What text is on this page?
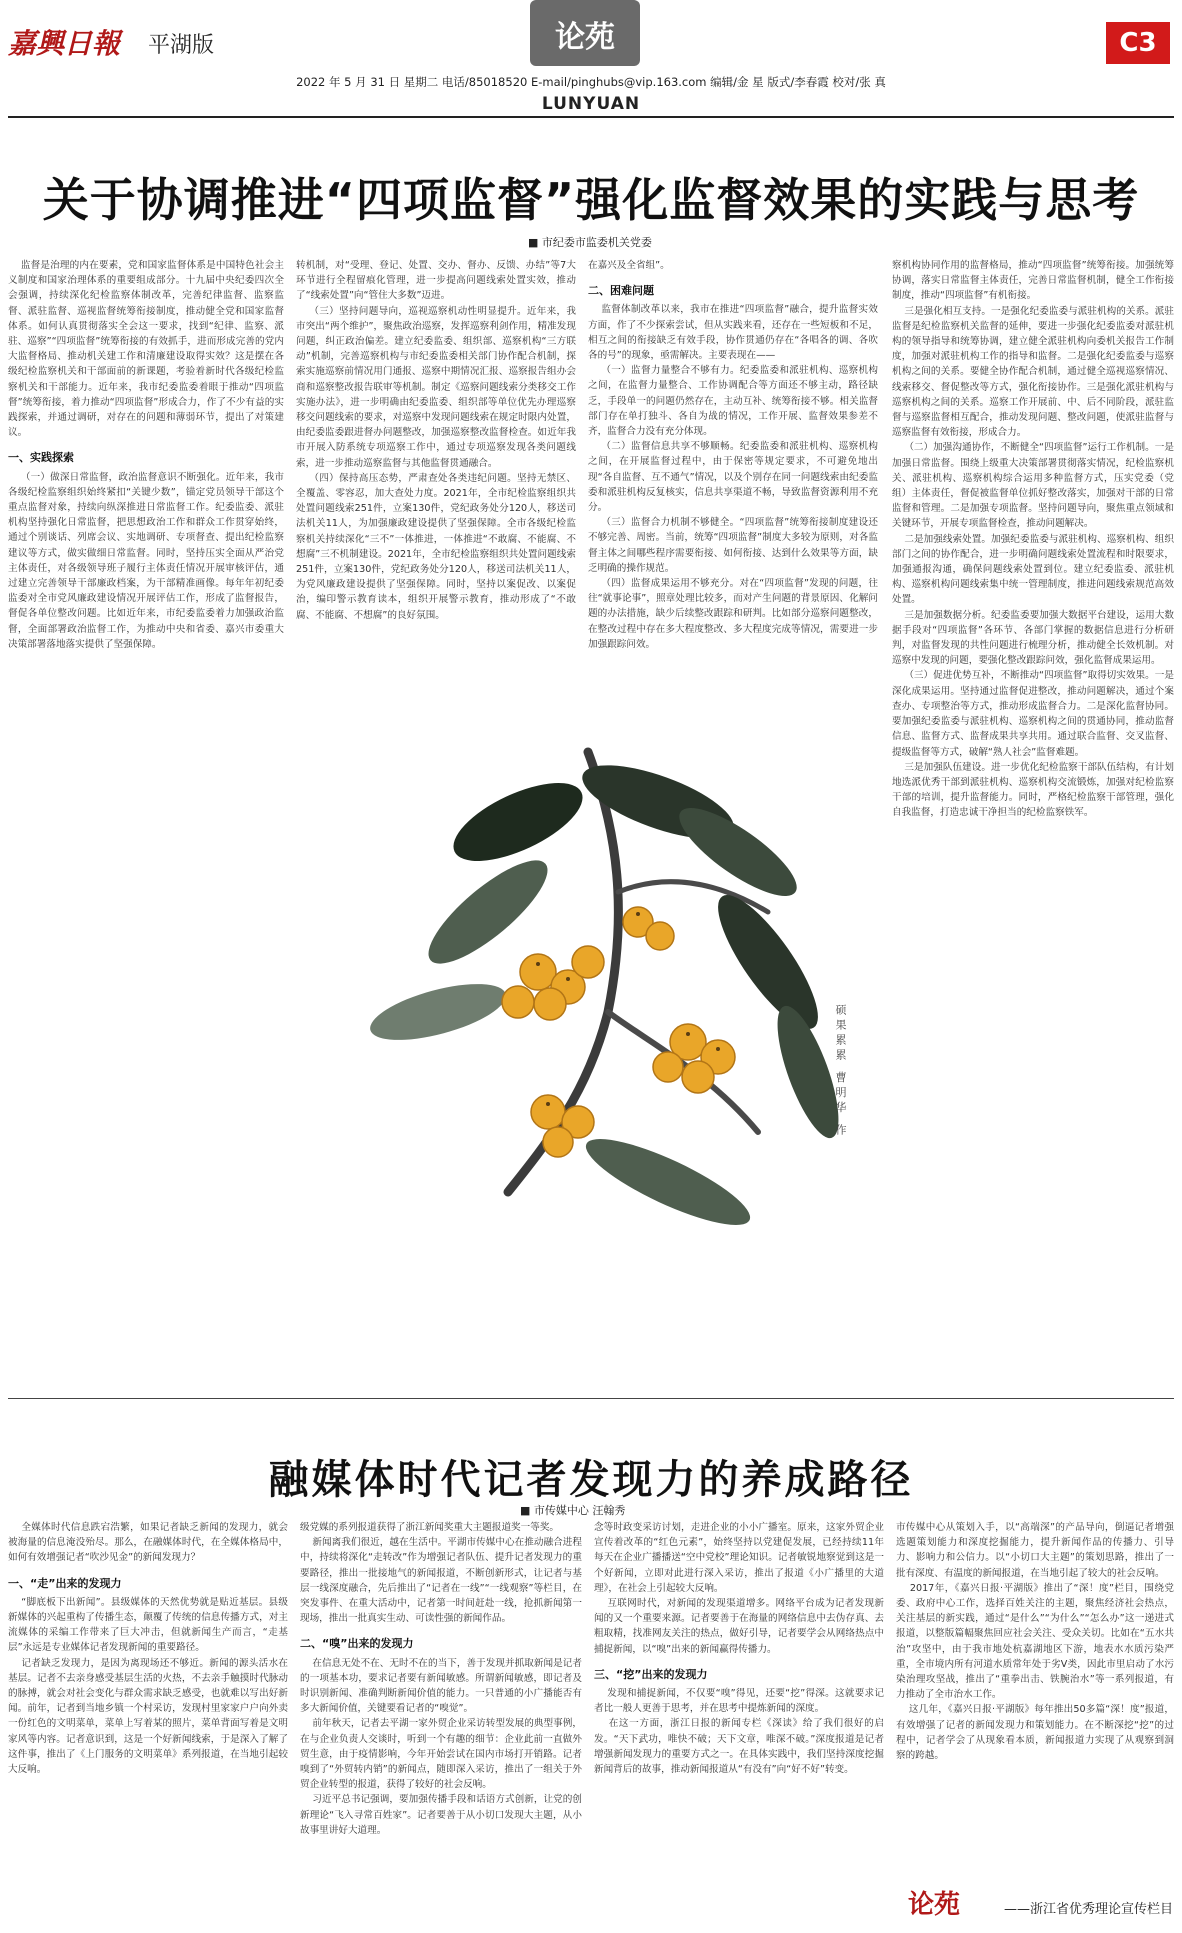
嘉興日報 平湖版	论苑	C3
2022 年 5 月 31 日 星期二 电话/85018520 E-mail/pinghubs@vip.163.com 编辑/金 星 版式/李春霞 校对/张 真
LUNYUAN
关于协调推进“四项监督”强化监督效果的实践与思考
■ 市纪委市监委机关党委
监督是治理的内在要素，党和国家监督体系是中国特色社会主义制度和国家治理体系的重要组成部分。十九届中央纪委四次全会强调，持续深化纪检监察体制改革，完善纪律监督、监察监督、派驻监督、巡视监督统筹衔接制度，推动健全党和国家监督体系。如何认真贯彻落实全会这一要求，找到“纪律、监察、派驻、巡察”“四项监督”统筹衔接的有效抓手，进而形成完善的党内大监督格局、推动机关建工作和清廉建设取得实效？这是摆在各级纪检监察机关和干部面前的新课题，考验着新时代各级纪检监察机关和干部能力。近年来，我市纪委监委着眼于推动“四项监督”统筹衔接，着力推动“四项监督”形成合力，作了不少有益的实践探索，并通过调研，对存在的问题和薄弱环节，提出了对策建议。
一、实践探索
（一）做深日常监督，政治监督意识不断强化。近年来，我市各级纪检监察组织始终紧扣“关键少数”，锚定党员领导干部这个重点监督对象，持续向纵深推进日常监督工作。纪委监委、派驻机构坚持强化日常监督，把思想政治工作和群众工作贯穿始终，通过个别谈话、列席会议、实地调研、专项督查、提出纪检监察建议等方式，做实做细日常监督。同时，坚持压实全面从严治党主体责任，对各级领导班子履行主体责任情况开展审核评估，通过建立完善领导干部廉政档案，为干部精准画像。每年年初纪委监委对全市党风廉政建设情况开展评估工作，形成了监督报告，督促各单位整改问题。比如近年来，市纪委监委着力加强政治监督，全面部署政治监督工作，为推动中央和省委、嘉兴市委重大决策部署落地落实提供了坚强保障。
转机制，对“受理、登记、处置、交办、督办、反馈、办结”等7大环节进行全程留痕化管理，进一步提高问题线索处置实效，推动了“线索处置”向“管住大多数”迈进。
（三）坚持问题导向，巡视巡察机动性明显提升。近年来，我市突出“两个维护”，聚焦政治巡察，发挥巡察利剑作用，精准发现问题，纠正政治偏差。建立纪委监委、组织部、巡察机构“三方联动”机制，完善巡察机构与市纪委监委相关部门协作配合机制，探索实施巡察前情况用门通报、巡察中期情况汇报、巡察报告组办会商和巡察整改报告联审等机制。制定《巡察问题线索分类移交工作实施办法》，进一步明确由纪委监委、组织部等单位优先办理巡察移交问题线索的要求，对巡察中发现问题线索在规定时限内处置，由纪委监委跟进督办问题整改，加强巡察整改监督检查。如近年我市开展入防系统专项巡察工作中，通过专项巡察发现各类问题线索，进一步推动巡察监督与其他监督贯通融合。
（四）保持高压态势，严肃查处各类违纪问题。坚持无禁区、全覆盖、零容忍，加大查处力度。2021年，全市纪检监察组织共处置问题线索251件，立案130件，党纪政务处分120人，移送司法机关11人，为加强廉政建设提供了坚强保障。全市各级纪检监察机关持续深化“三不”一体推进，一体推进“不敢腐、不能腐、不想腐”三不机制建设。2021年，全市纪检监察组织共处置问题线索251件，立案130件，党纪政务处分120人，移送司法机关11人，为党风廉政建设提供了坚强保障。同时，坚持以案促改、以案促治，编印警示教育读本，组织开展警示教育，推动形成了“不敢腐、不能腐、不想腐”的良好氛围。
在嘉兴及全省组”。

二、困难问题
监督体制改革以来，我市在推进“四项监督”融合，提升监督实效方面，作了不少探索尝试，但从实践来看，还存在一些短板和不足，相互之间的衔接缺乏有效手段，协作贯通仍存在“各唱各的调、各吹各的号”的现象，亟需解决。主要表现在——
（一）监督力量整合不够有力。纪委监委和派驻机构、巡察机构之间，在监督力量整合、工作协调配合等方面还不够主动，路径缺乏，手段单一的问题仍然存在，主动互补、统筹衔接不够。相关监督部门存在单打独斗、各自为战的情况，工作开展、监督效果参差不齐，监督合力没有充分体现。
（二）监督信息共享不够顺畅。纪委监委和派驻机构、巡察机构之间，在开展监督过程中，由于保密等规定要求，不可避免地出现“各自监督、互不通气”情况，以及个别存在同一问题线索由纪委监委和派驻机构反复核实，信息共享渠道不畅，导致监督资源利用不充分。
（三）监督合力机制不够健全。“四项监督”统筹衔接制度建设还不够完善、周密。当前，统筹“四项监督”制度大多较为原则，对各监督主体之间哪些程序需要衔接、如何衔接、达到什么效果等方面，缺乏明确的操作规范。
（四）监督成果运用不够充分。对在“四项监督”发现的问题，往往“就事论事”，照章处理比较多，而对产生问题的背景原因、化解问题的办法措施，缺少后续整改跟踪和研判。比如部分巡察问题整改，在整改过程中存在多大程度整改、多大程度完成等情况，需要进一步加强跟踪问效。
察机构协同作用的监督格局，推动“四项监督”统筹衔接。加强统筹协调，落实日常监督主体责任，完善日常监督机制，健全工作衔接制度，推动“四项监督”有机衔接。
三是强化相互支持。一是强化纪委监委与派驻机构的关系。派驻监督是纪检监察机关监督的延伸，要进一步强化纪委监委对派驻机构的领导指导和统筹协调，建立健全派驻机构向委机关报告工作制度，加强对派驻机构工作的指导和监督。二是强化纪委监委与巡察机构之间的关系。要健全协作配合机制，通过健全巡视巡察情况、线索移交、督促整改等方式，强化衔接协作。三是强化派驻机构与巡察机构之间的关系。巡察工作开展前、中、后不同阶段，派驻监督与巡察监督相互配合，推动发现问题、整改问题，使派驻监督与巡察监督有效衔接，形成合力。
（二）加强沟通协作，不断健全“四项监督”运行工作机制。一是加强日常监督。围绕上级重大决策部署贯彻落实情况，纪检监察机关、派驻机构、巡察机构综合运用多种监督方式，压实党委（党组）主体责任，督促被监督单位抓好整改落实，加强对干部的日常监督和管理。二是加强专项监督。坚持问题导向，聚焦重点领域和关键环节，开展专项监督检查，推动问题解决。
二是加强线索处置。加强纪委监委与派驻机构、巡察机构、组织部门之间的协作配合，进一步明确问题线索处置流程和时限要求，加强通报沟通，确保问题线索处置到位。建立纪委监委、派驻机构、巡察机构问题线索集中统一管理制度，推进问题线索规范高效处置。
三是加强数据分析。纪委监委要加强大数据平台建设，运用大数据手段对“四项监督”各环节、各部门掌握的数据信息进行分析研判，对监督发现的共性问题进行梳理分析，推动健全长效机制。对巡察中发现的问题，要强化整改跟踪问效，强化监督成果运用。
（三）促进优势互补，不断推动“四项监督”取得切实效果。一是深化成果运用。坚持通过监督促进整改，推动问题解决，通过个案查办、专项整治等方式，推动形成监督合力。二是深化监督协同。要加强纪委监委与派驻机构、巡察机构之间的贯通协同，推动监督信息、监督方式、监督成果共享共用。通过联合监督、交叉监督、提级监督等方式，破解“熟人社会”监督难题。
三是加强队伍建设。进一步优化纪检监察干部队伍结构，有计划地选派优秀干部到派驻机构、巡察机构交流锻炼，加强对纪检监察干部的培训，提升监督能力。同时，严格纪检监察干部管理，强化自我监督，打造忠诚干净担当的纪检监察铁军。
硕果累累 曹明华 作
融媒体时代记者发现力的养成路径
■ 市传媒中心 汪翰秀
全媒体时代信息跌宕浩繁，如果记者缺乏新闻的发现力，就会被海量的信息淹没殆尽。那么，在融媒体时代，在全媒体格局中，如何有效增强记者“吹沙见金”的新闻发现力？
一、“走”出来的发现力
“脚底板下出新闻”。县级媒体的天然优势就是贴近基层。县级新媒体的兴起重构了传播生态，颠覆了传统的信息传播方式，对主流媒体的采编工作带来了巨大冲击，但就新闻生产而言，“走基层”永远是专业媒体记者发现新闻的重要路径。
记者缺乏发现力，是因为离现场还不够近。新闻的源头活水在基层。记者不去亲身感受基层生活的火热，不去亲手触摸时代脉动的脉搏，就会对社会变化与群众需求缺乏感受，也就难以写出好新闻。前年，记者到当地乡镇一个村采访，发现村里家家户户向外卖一份红色的文明菜单，菜单上写着某的照片，菜单背面写着是文明家风等内容。记者意识到，这是一个好新闻线索，于是深入了解了这件事，推出了《上门服务的文明菜单》系列报道，在当地引起较大反响。
级党媒的系列报道获得了浙江新闻奖重大主题报道奖一等奖。
新闻离我们很近，越在生活中。平湖市传媒中心在推动融合进程中，持续将深化“走转改”作为增强记者队伍、提升记者发现力的重要路径，推出一批接地气的新闻报道，不断创新形式，让记者与基层一线深度融合，先后推出了“记者在一线”“一线观察”等栏目，在突发事件、在重大活动中，记者第一时间赶赴一线，抢抓新闻第一现场，推出一批真实生动、可读性强的新闻作品。
二、“嗅”出来的发现力
在信息无处不在、无时不在的当下，善于发现并抓取新闻是记者的一项基本功，要求记者要有新闻敏感。所谓新闻敏感，即记者及时识别新闻、准确判断新闻价值的能力。一只普通的小广播能否有多大新闻价值，关键要看记者的“嗅觉”。
前年秋天，记者去平湖一家外贸企业采访转型发展的典型事例，在与企业负责人交谈时，听到一个有趣的细节：企业此前一直做外贸生意，由于疫情影响，今年开始尝试在国内市场打开销路。记者嗅到了“外贸转内销”的新闻点，随即深入采访，推出了一组关于外贸企业转型的报道，获得了较好的社会反响。
习近平总书记强调，要加强传播手段和话语方式创新，让党的创新理论“飞入寻常百姓家”。记者要善于从小切口发现大主题，从小故事里讲好大道理。
念等时政变采访讨划，走进企业的小小广播室。原来，这家外贸企业宣传着改革的“红色元素”，始终坚持以党建促发展，已经持续11年每天在企业广播播送“空中党校”理论知识。记者敏锐地察觉到这是一个好新闻，立即对此进行深入采访，推出了报道《小广播里的大道理》，在社会上引起较大反响。
互联网时代，对新闻的发现渠道增多。网络平台成为记者发现新闻的又一个重要来源。记者要善于在海量的网络信息中去伪存真、去粗取精，找准网友关注的热点，做好引导，记者要学会从网络热点中捕捉新闻，以“嗅”出来的新闻赢得传播力。
三、“挖”出来的发现力
发现和捕捉新闻，不仅要“嗅”得见，还要“挖”得深。这就要求记者比一般人更善于思考，并在思考中提炼新闻的深度。
在这一方面，浙江日报的新闻专栏《深读》给了我们很好的启发。“天下武功，唯快不破；天下文章，唯深不破。”深度报道是记者增强新闻发现力的重要方式之一。在具体实践中，我们坚持深度挖掘新闻背后的故事，推动新闻报道从“有没有”向“好不好”转变。
市传媒中心从策划入手，以“高端深”的产品导向，倒逼记者增强选题策划能力和深度挖掘能力，提升新闻作品的传播力、引导力、影响力和公信力。以“小切口大主题”的策划思路，推出了一批有深度、有温度的新闻报道，在当地引起了较大的社会反响。
2017年，《嘉兴日报·平湖版》推出了“深！度”栏目，围绕党委、政府中心工作，选择百姓关注的主题，聚焦经济社会热点，关注基层的新实践，通过“是什么”“为什么”“怎么办”这一递进式报道，以整版篇幅聚焦回应社会关注、受众关切。比如在“五水共治”攻坚中，由于我市地处杭嘉湖地区下游，地表水水质污染严重，全市境内所有河道水质常年处于劣V类，因此市里启动了水污染治理攻坚战，推出了“重拳出击、铁腕治水”等一系列报道，有力推动了全市治水工作。
这几年，《嘉兴日报·平湖版》每年推出50多篇“深！度”报道，有效增强了记者的新闻发现力和策划能力。在不断深挖“挖”的过程中，记者学会了从现象看本质，新闻报道力实现了从观察到洞察的跨越。
论苑	——浙江省优秀理论宣传栏目
